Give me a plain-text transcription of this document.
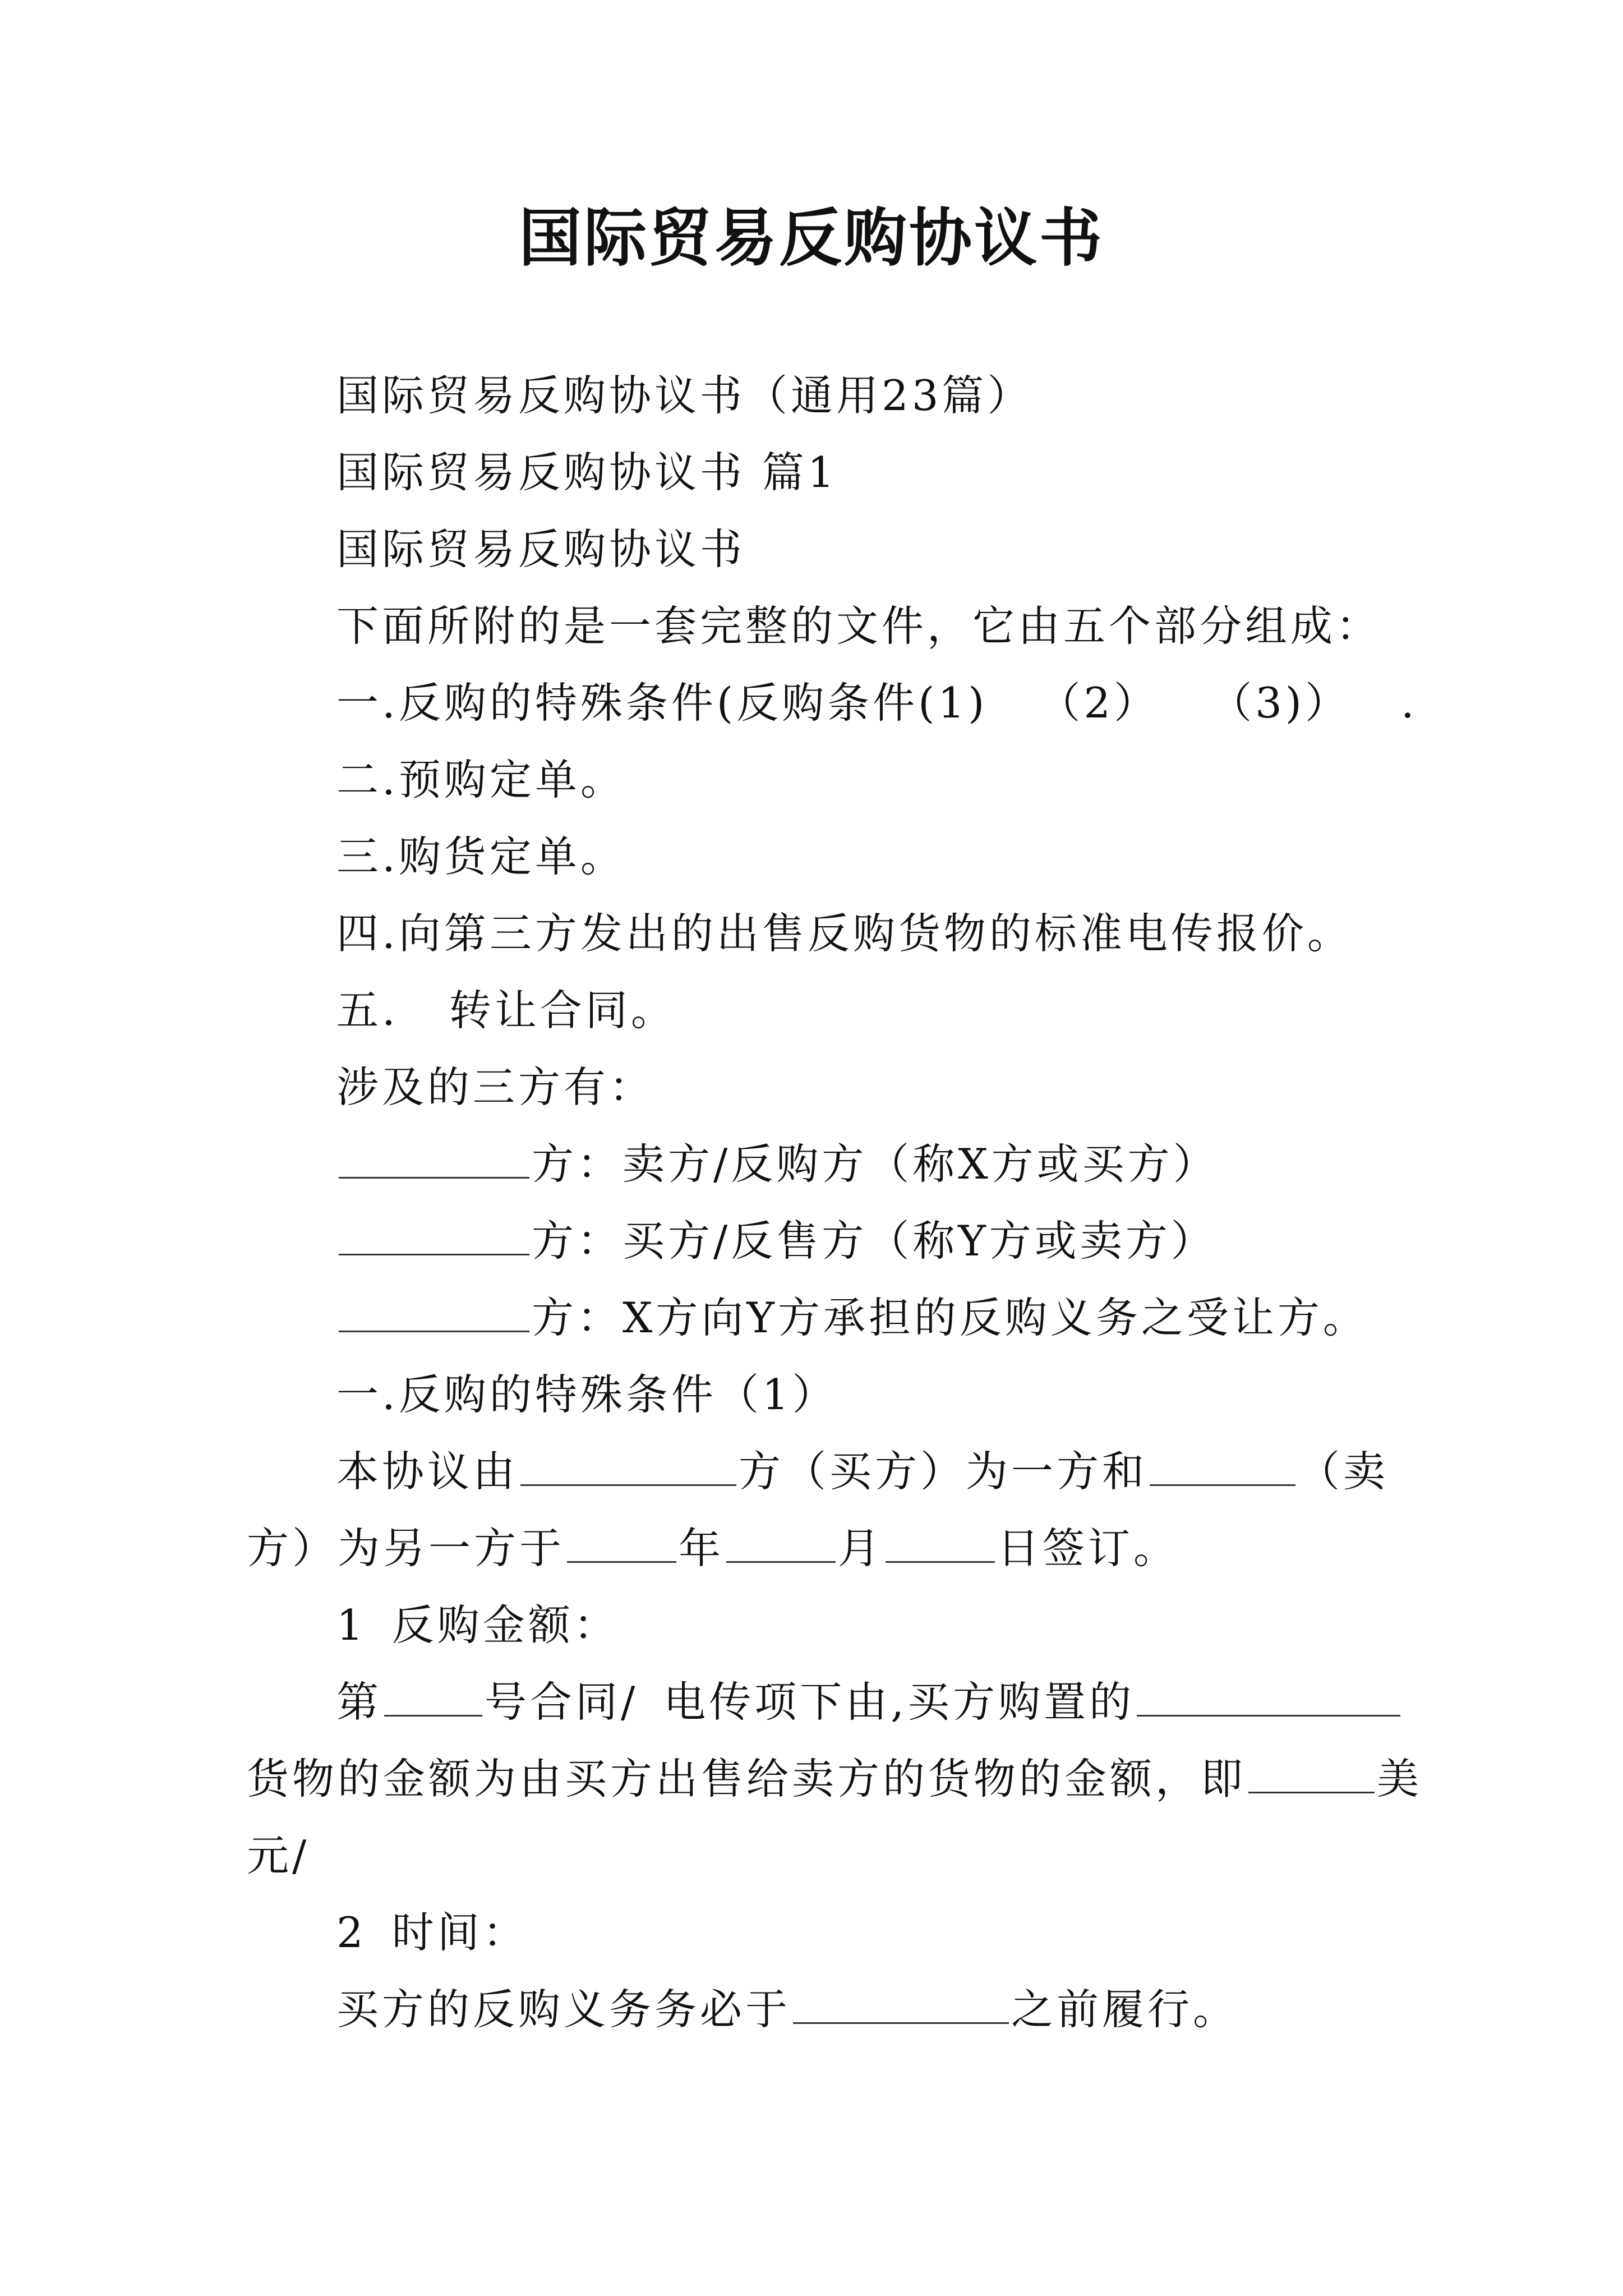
国际贸易反购协议书
国际贸易反购协议书（通用23篇）
国际贸易反购协议书 篇1
国际贸易反购协议书
下面所附的是一套完整的文件，它由五个部分组成：
一.反购的特殊条件(反购条件(1) （2） （3)） .
二.预购定单。
三.购货定单。
四.向第三方发出的出售反购货物的标准电传报价。
五. 转让合同。
涉及的三方有：
方：卖方/反购方（称X方或买方）
方：买方/反售方（称Y方或卖方）
方：X方向Y方承担的反购义务之受让方。
一.反购的特殊条件（1）
本协议由	方（买方）为一方和	（卖
方）为另一方于	年	月	日签订。
1 反购金额：
第 号合同/ 电传项下由,买方购置的
货物的金额为由买方出售给卖方的货物的金额，即	美
元/
2 时间：
买方的反购义务务必于	之前履行。
